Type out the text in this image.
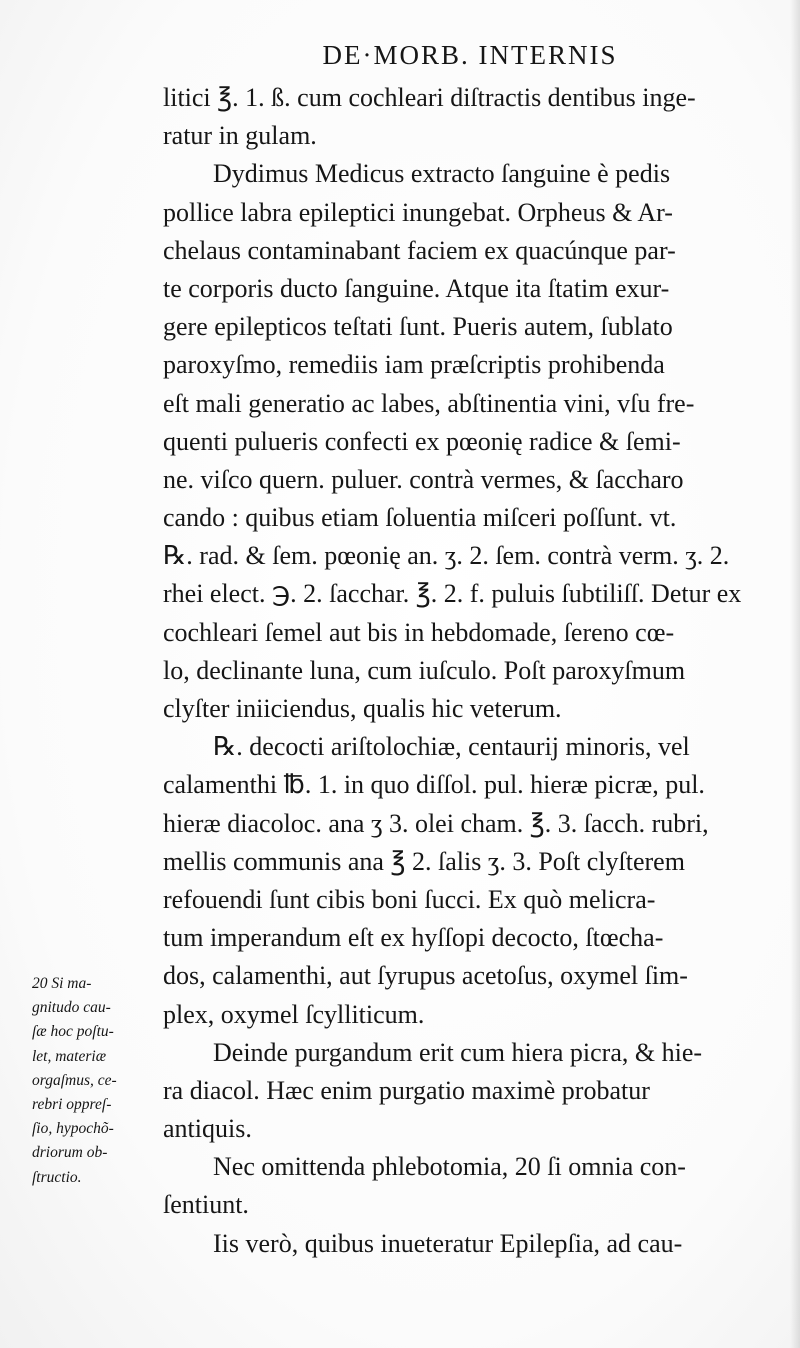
DE·MORB. INTERNIS
litici ℥. 1. ß. cum cochleari diſtractis dentibus inge-
ratur in gulam.
Dydimus Medicus extracto ſanguine è pedis
pollice labra epileptici inungebat. Orpheus & Ar-
chelaus contaminabant faciem ex quacúnque par-
te corporis ducto ſanguine. Atque ita ſtatim exur-
gere epilepticos teſtati ſunt. Pueris autem, ſublato
paroxyſmo, remediis iam præſcriptis prohibenda
eſt mali generatio ac labes, abſtinentia vini, vſu fre-
quenti pulueris confecti ex pœonię radice & ſemi-
ne. viſco quern. puluer. contrà vermes, & ſaccharo
cando : quibus etiam ſoluentia miſceri poſſunt. vt.
℞. rad. & ſem. pœonię an. ʒ. 2. ſem. contrà verm. ʒ. 2.
rhei elect. ℈. 2. ſacchar. ℥. 2. f. puluis ſubtiliſſ. Detur ex
cochleari ſemel aut bis in hebdomade, ſereno cœ-
lo, declinante luna, cum iuſculo. Poſt paroxyſmum
clyſter iniiciendus, qualis hic veterum.
℞. decocti ariſtolochiæ, centaurij minoris, vel
calamenthi ℔. 1. in quo diſſol. pul. hieræ picræ, pul.
hieræ diacoloc. ana ʒ 3. olei cham. ℥. 3. ſacch. rubri,
mellis communis ana ℥ 2. ſalis ʒ. 3. Poſt clyſterem
refouendi ſunt cibis boni ſucci. Ex quò melicra-
tum imperandum eſt ex hyſſopi decocto, ſtœcha-
dos, calamenthi, aut ſyrupus acetoſus, oxymel ſim-
plex, oxymel ſcylliticum.
Deinde purgandum erit cum hiera picra, & hie-
ra diacol. Hæc enim purgatio maximè probatur
antiquis.
Nec omittenda phlebotomia, 20 ſi omnia con-
ſentiunt.
Iis verò, quibus inueteratur Epilepſia, ad cau-
20 Si ma-
gnitudo cau-
ſæ hoc poſtu-
let, materiæ
orgaſmus, ce-
rebri oppreſ-
ſio, hypochõ-
driorum ob-
ſtructio.
